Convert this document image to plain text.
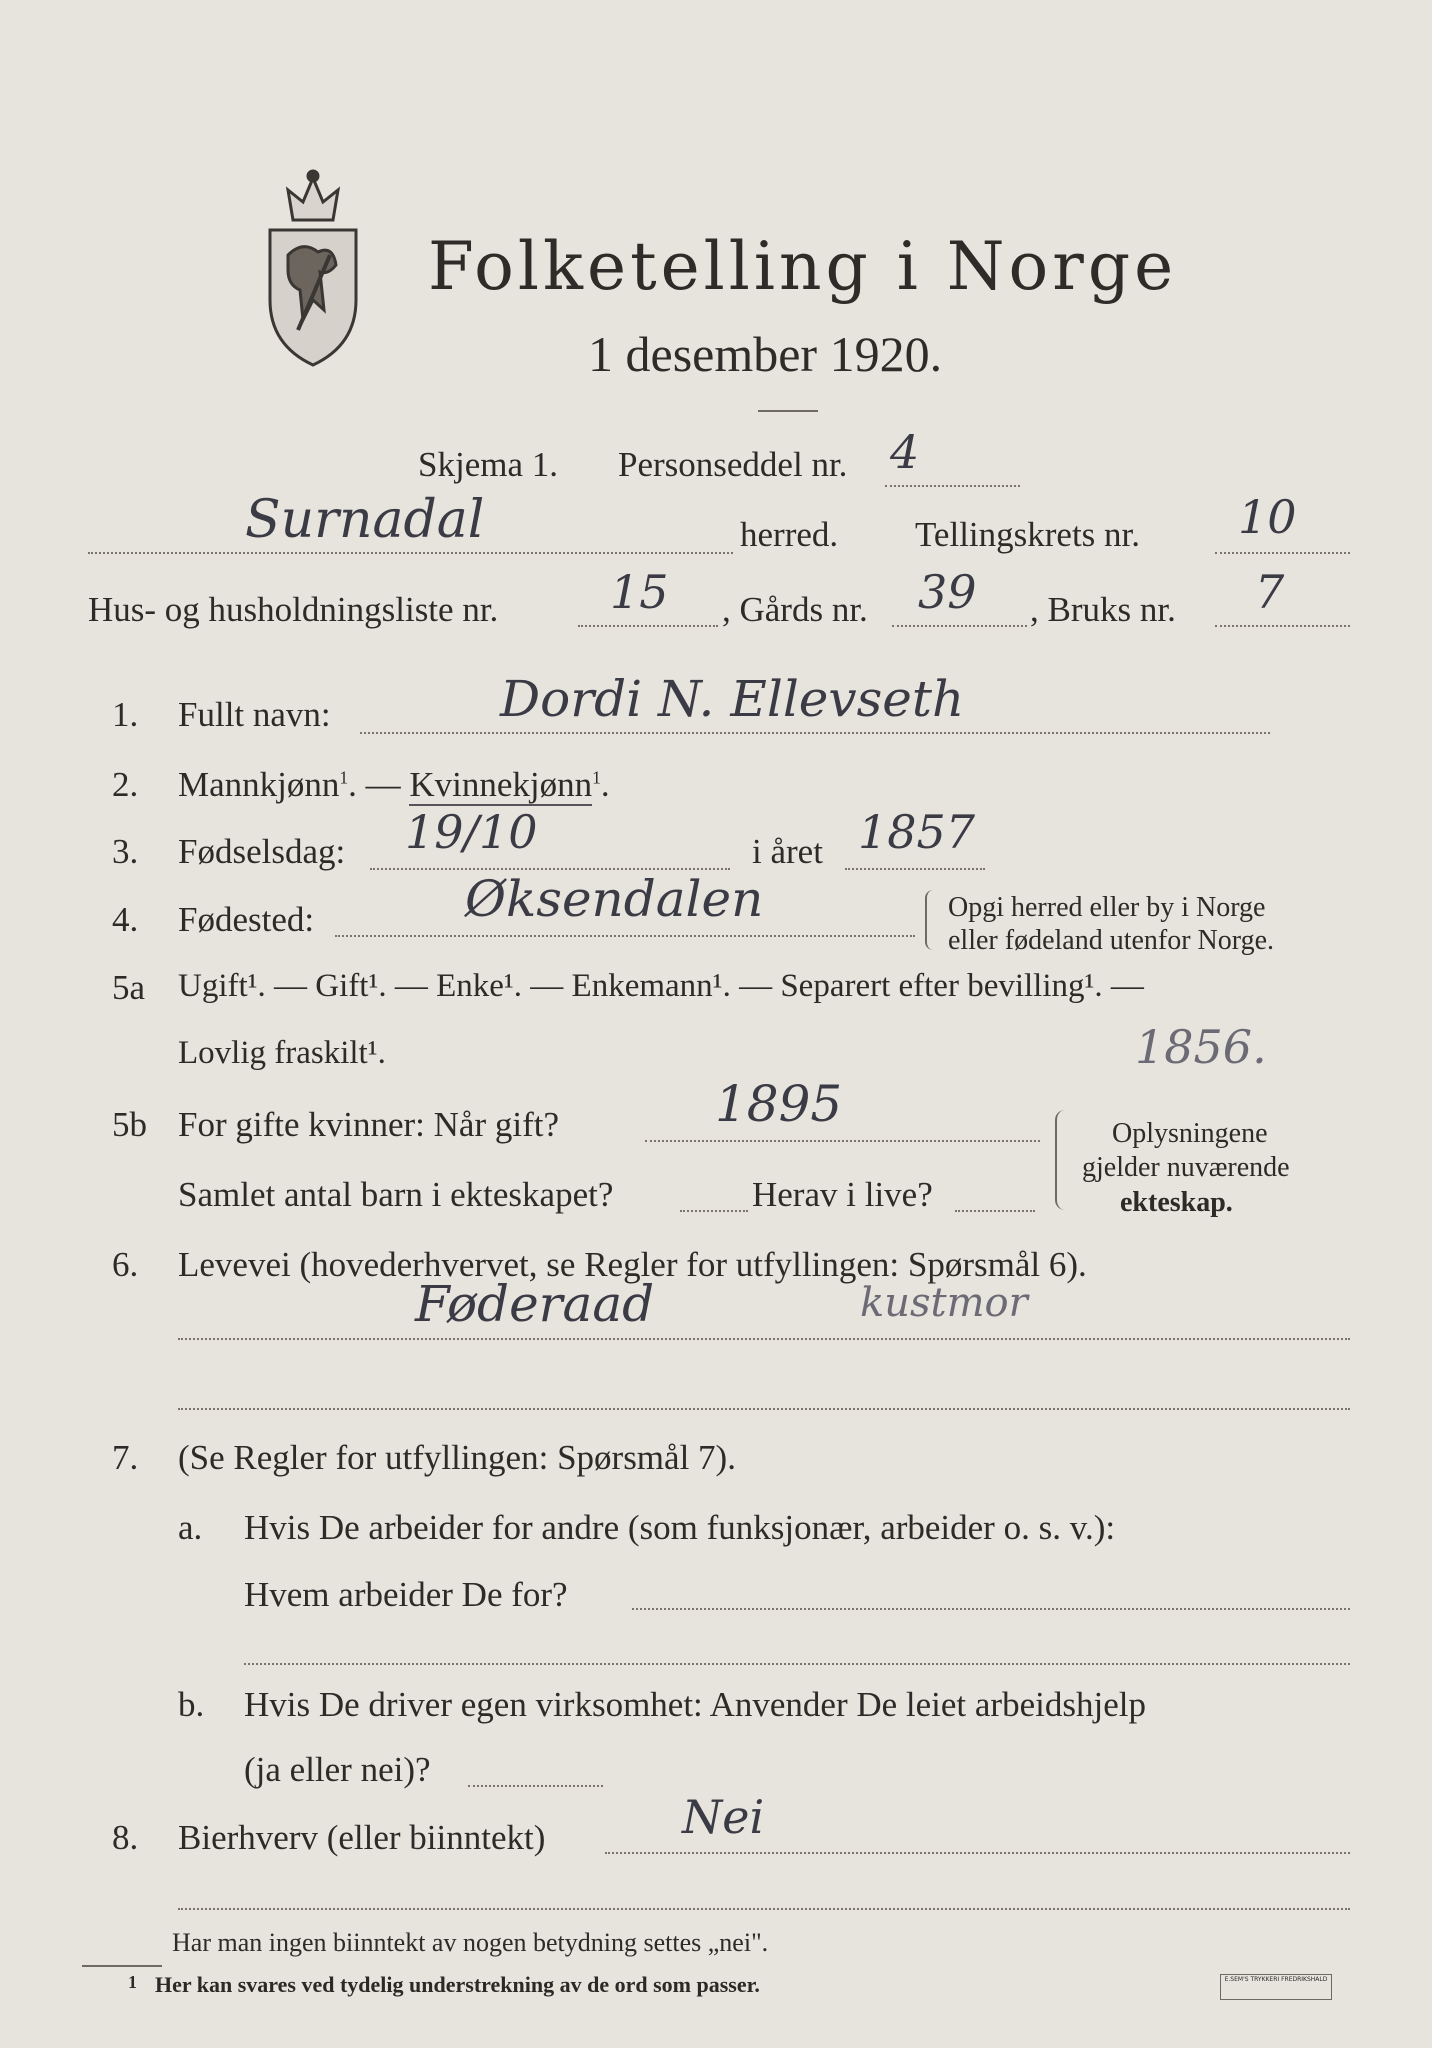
Folketelling i Norge
1 desember 1920.
Skjema 1. Personseddel nr. 4
Surnadal	herred. Tellingskrets nr. 10
Hus- og husholdningsliste nr. 15 , Gårds nr. 39 , Bruks nr. 7
1. Fullt navn:	Dordi N. Ellevseth
2. Mannkjønn$^1$. — Kvinnekjønn$^1$.
3. Fødselsdag: 19/10	i året 1857
4. Fødested:	Øksendalen	Opgi herred eller by i Norge
eller fødeland utenfor Norge.
5a Ugift¹. — Gift¹. — Enke¹. — Enkemann¹. — Separert efter bevilling¹. —
Lovlig fraskilt¹.	1856.
5b For gifte kvinner: Når gift?	1895
Samlet antal barn i ekteskapet?	Herav i live?
Oplysningene
gjelder nuværende
ekteskap.
6. Levevei (hovederhvervet, se Regler for utfyllingen: Spørsmål 6).
Føderaad	kustmor
7. (Se Regler for utfyllingen: Spørsmål 7).
a. Hvis De arbeider for andre (som funksjonær, arbeider o. s. v.):
Hvem arbeider De for?
b. Hvis De driver egen virksomhet: Anvender De leiet arbeidshjelp
(ja eller nei)?
8. Bierhverv (eller biinntekt)	Nei
Har man ingen biinntekt av nogen betydning settes „nei".
1 Her kan svares ved tydelig understrekning av de ord som passer.	E.SEM'S TRYKKERI FREDRIKSHALD
